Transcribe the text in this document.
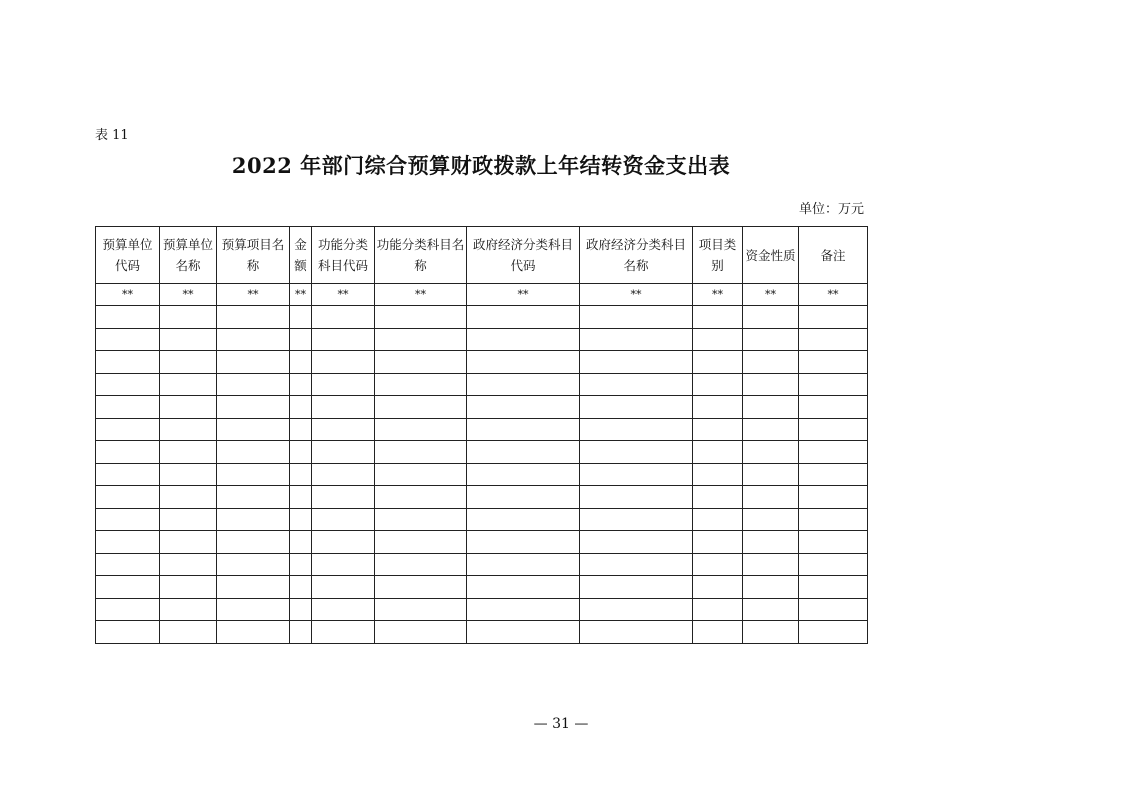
表 11
2022 年部门综合预算财政拨款上年结转资金支出表
单位：万元
预算单位代码	预算单位名称	预算项目名称	金额	功能分类科目代码	功能分类科目名称	政府经济分类科目代码	政府经济分类科目名称	项目类别	资金性质	备注
**	**	**	**	**	**	**	**	**	**	**

— 31 —
